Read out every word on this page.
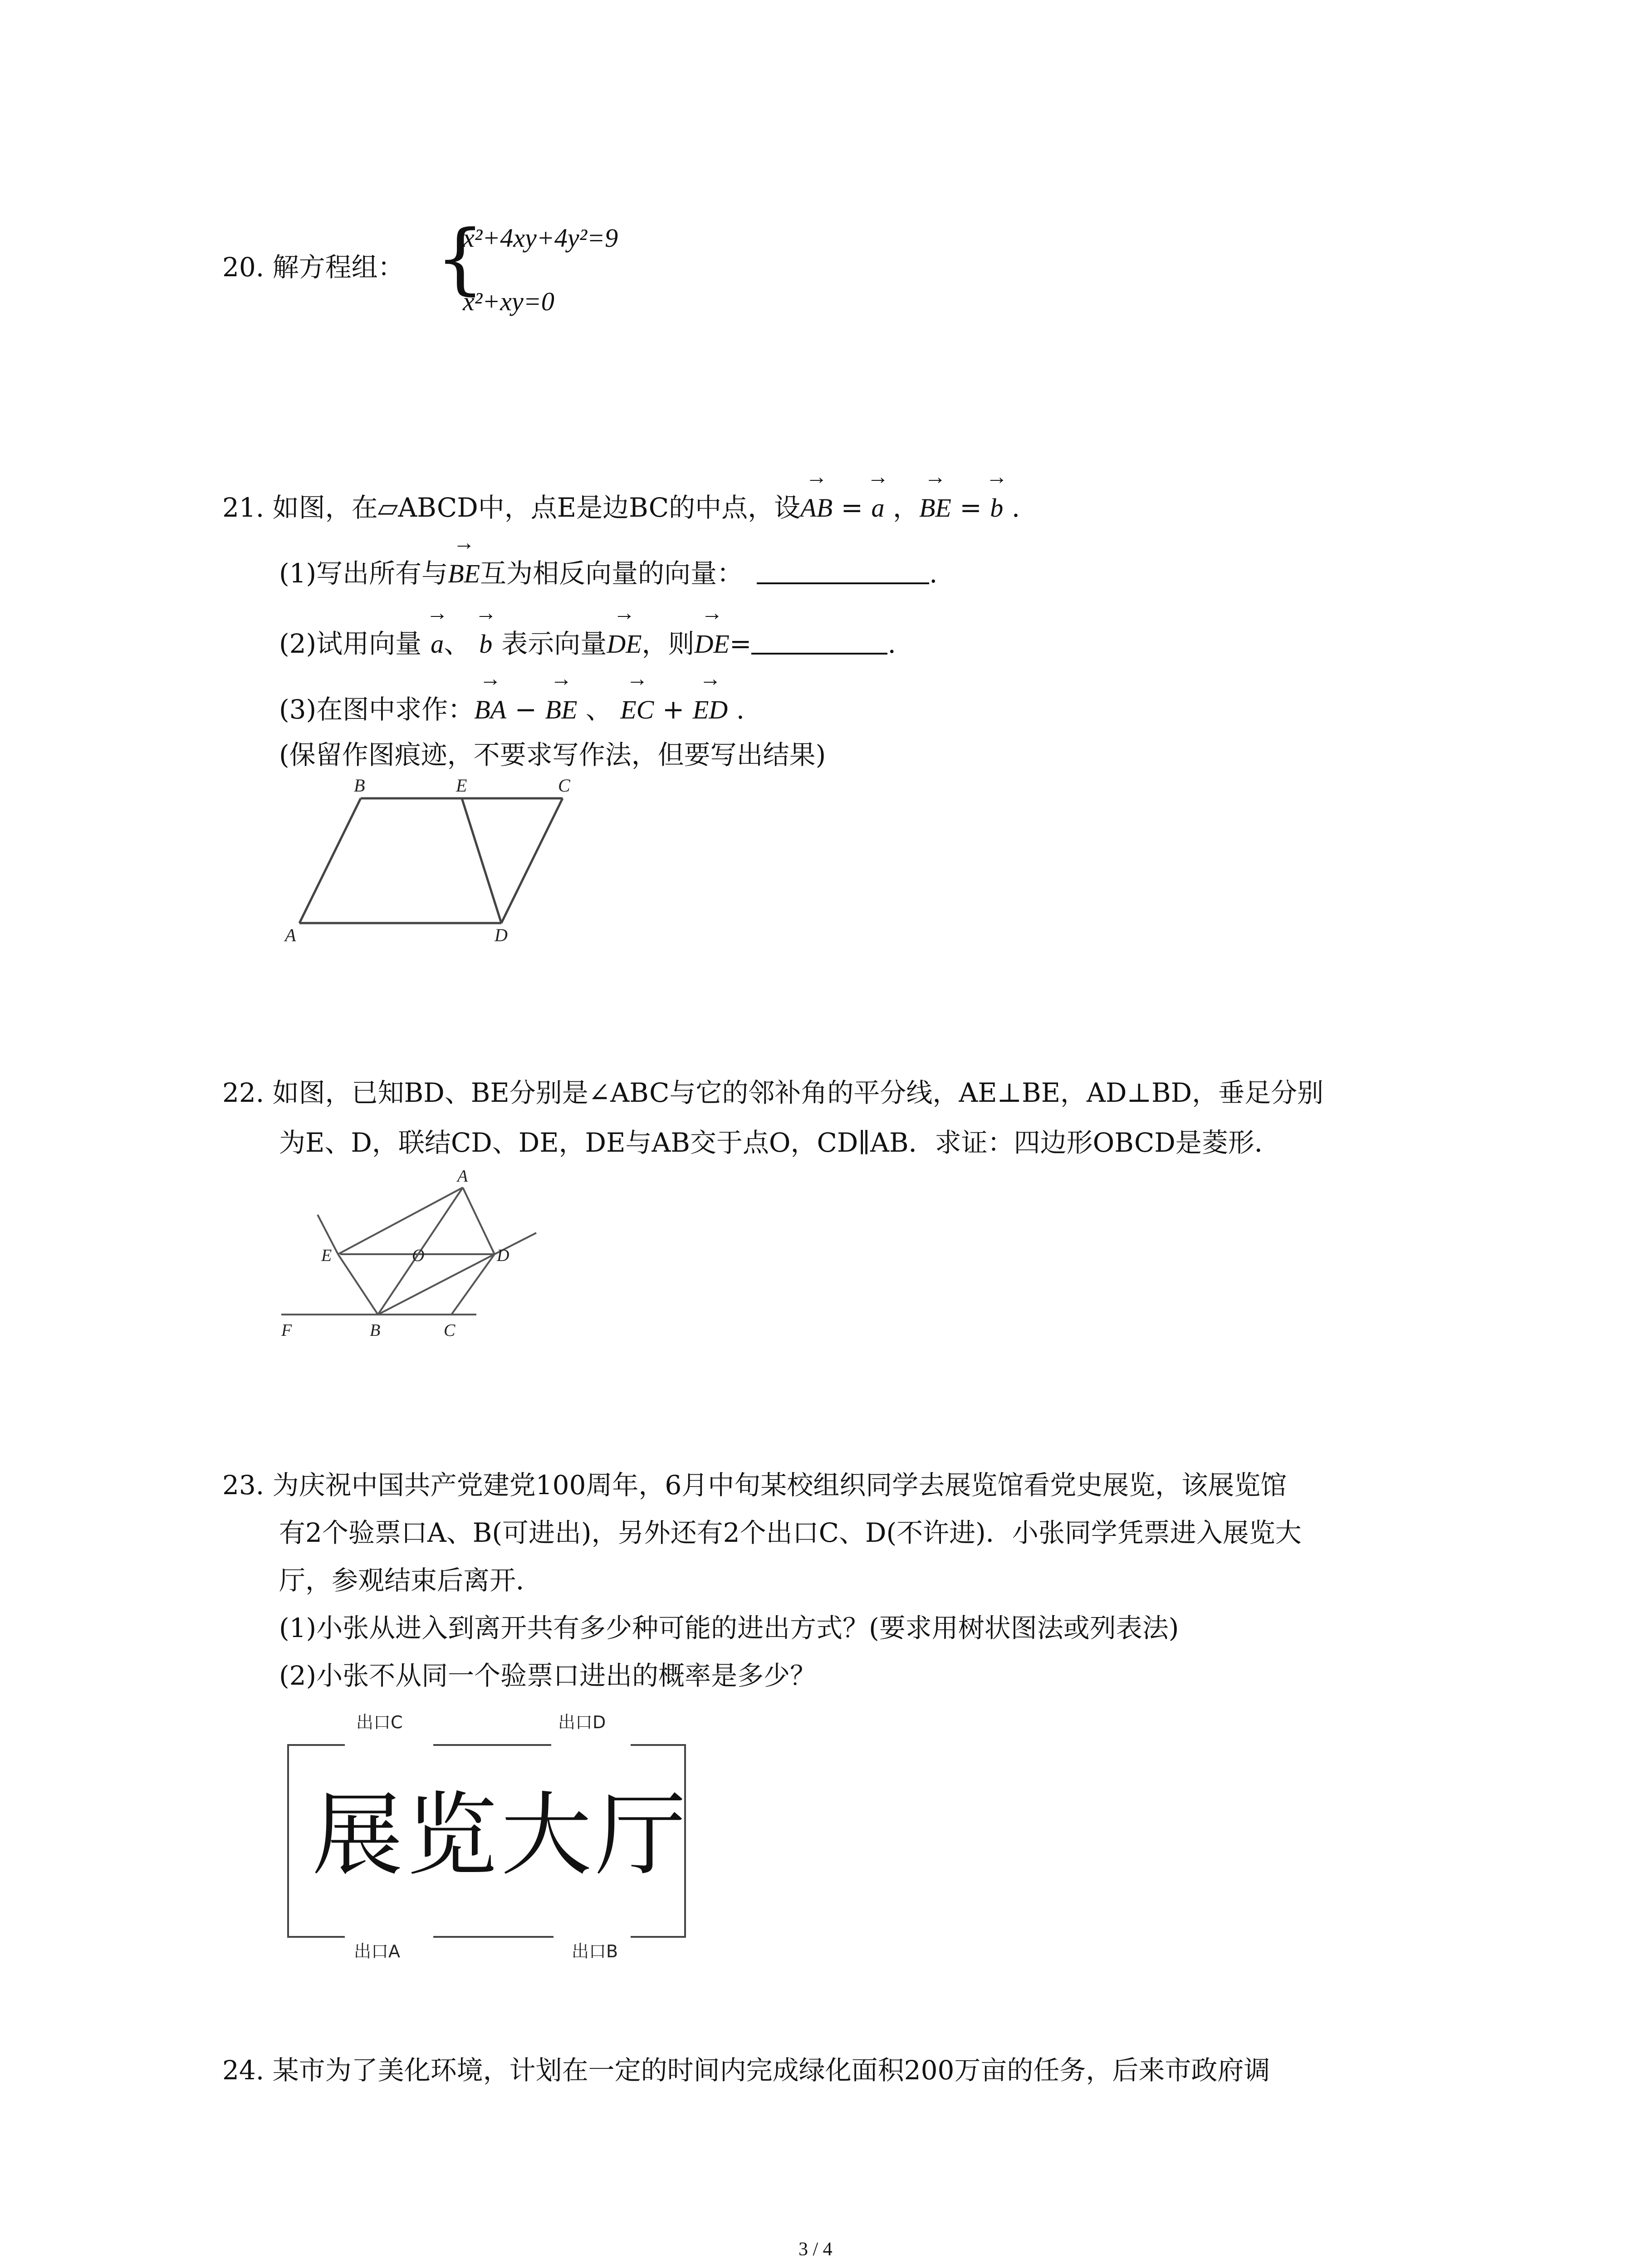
20. 解方程组： {
x²+4xy+4y²=9
x²+xy=0
21. 如图，在▱ABCD中，点E是边BC的中点，设→ AB = → a ，→ BE = → b .
(1)写出所有与→ BE互为相反向量的向量：	.
(2)试用向量 → a、 → b 表示向量→ DE，则→ DE=	.
(3)在图中求作：→ BA − → BE 、 → EC + → ED .
(保留作图痕迹，不要求写作法，但要写出结果)
B	E	C
A	D
22. 如图，已知BD、BE分别是∠ABC与它的邻补角的平分线，AE⊥BE，AD⊥BD，垂足分别
为E、D，联结CD、DE，DE与AB交于点O，CD∥AB．求证：四边形OBCD是菱形．
A
E	O	D
F	B	C
23. 为庆祝中国共产党建党100周年，6月中旬某校组织同学去展览馆看党史展览，该展览馆
有2个验票口A、B(可进出)，另外还有2个出口C、D(不许进)．小张同学凭票进入展览大
厅，参观结束后离开．
(1)小张从进入到离开共有多少种可能的进出方式？(要求用树状图法或列表法)
(2)小张不从同一个验票口进出的概率是多少？
出口C	出口D
出口A	出口B
展览大厅
24. 某市为了美化环境，计划在一定的时间内完成绿化面积200万亩的任务，后来市政府调
3 / 4
